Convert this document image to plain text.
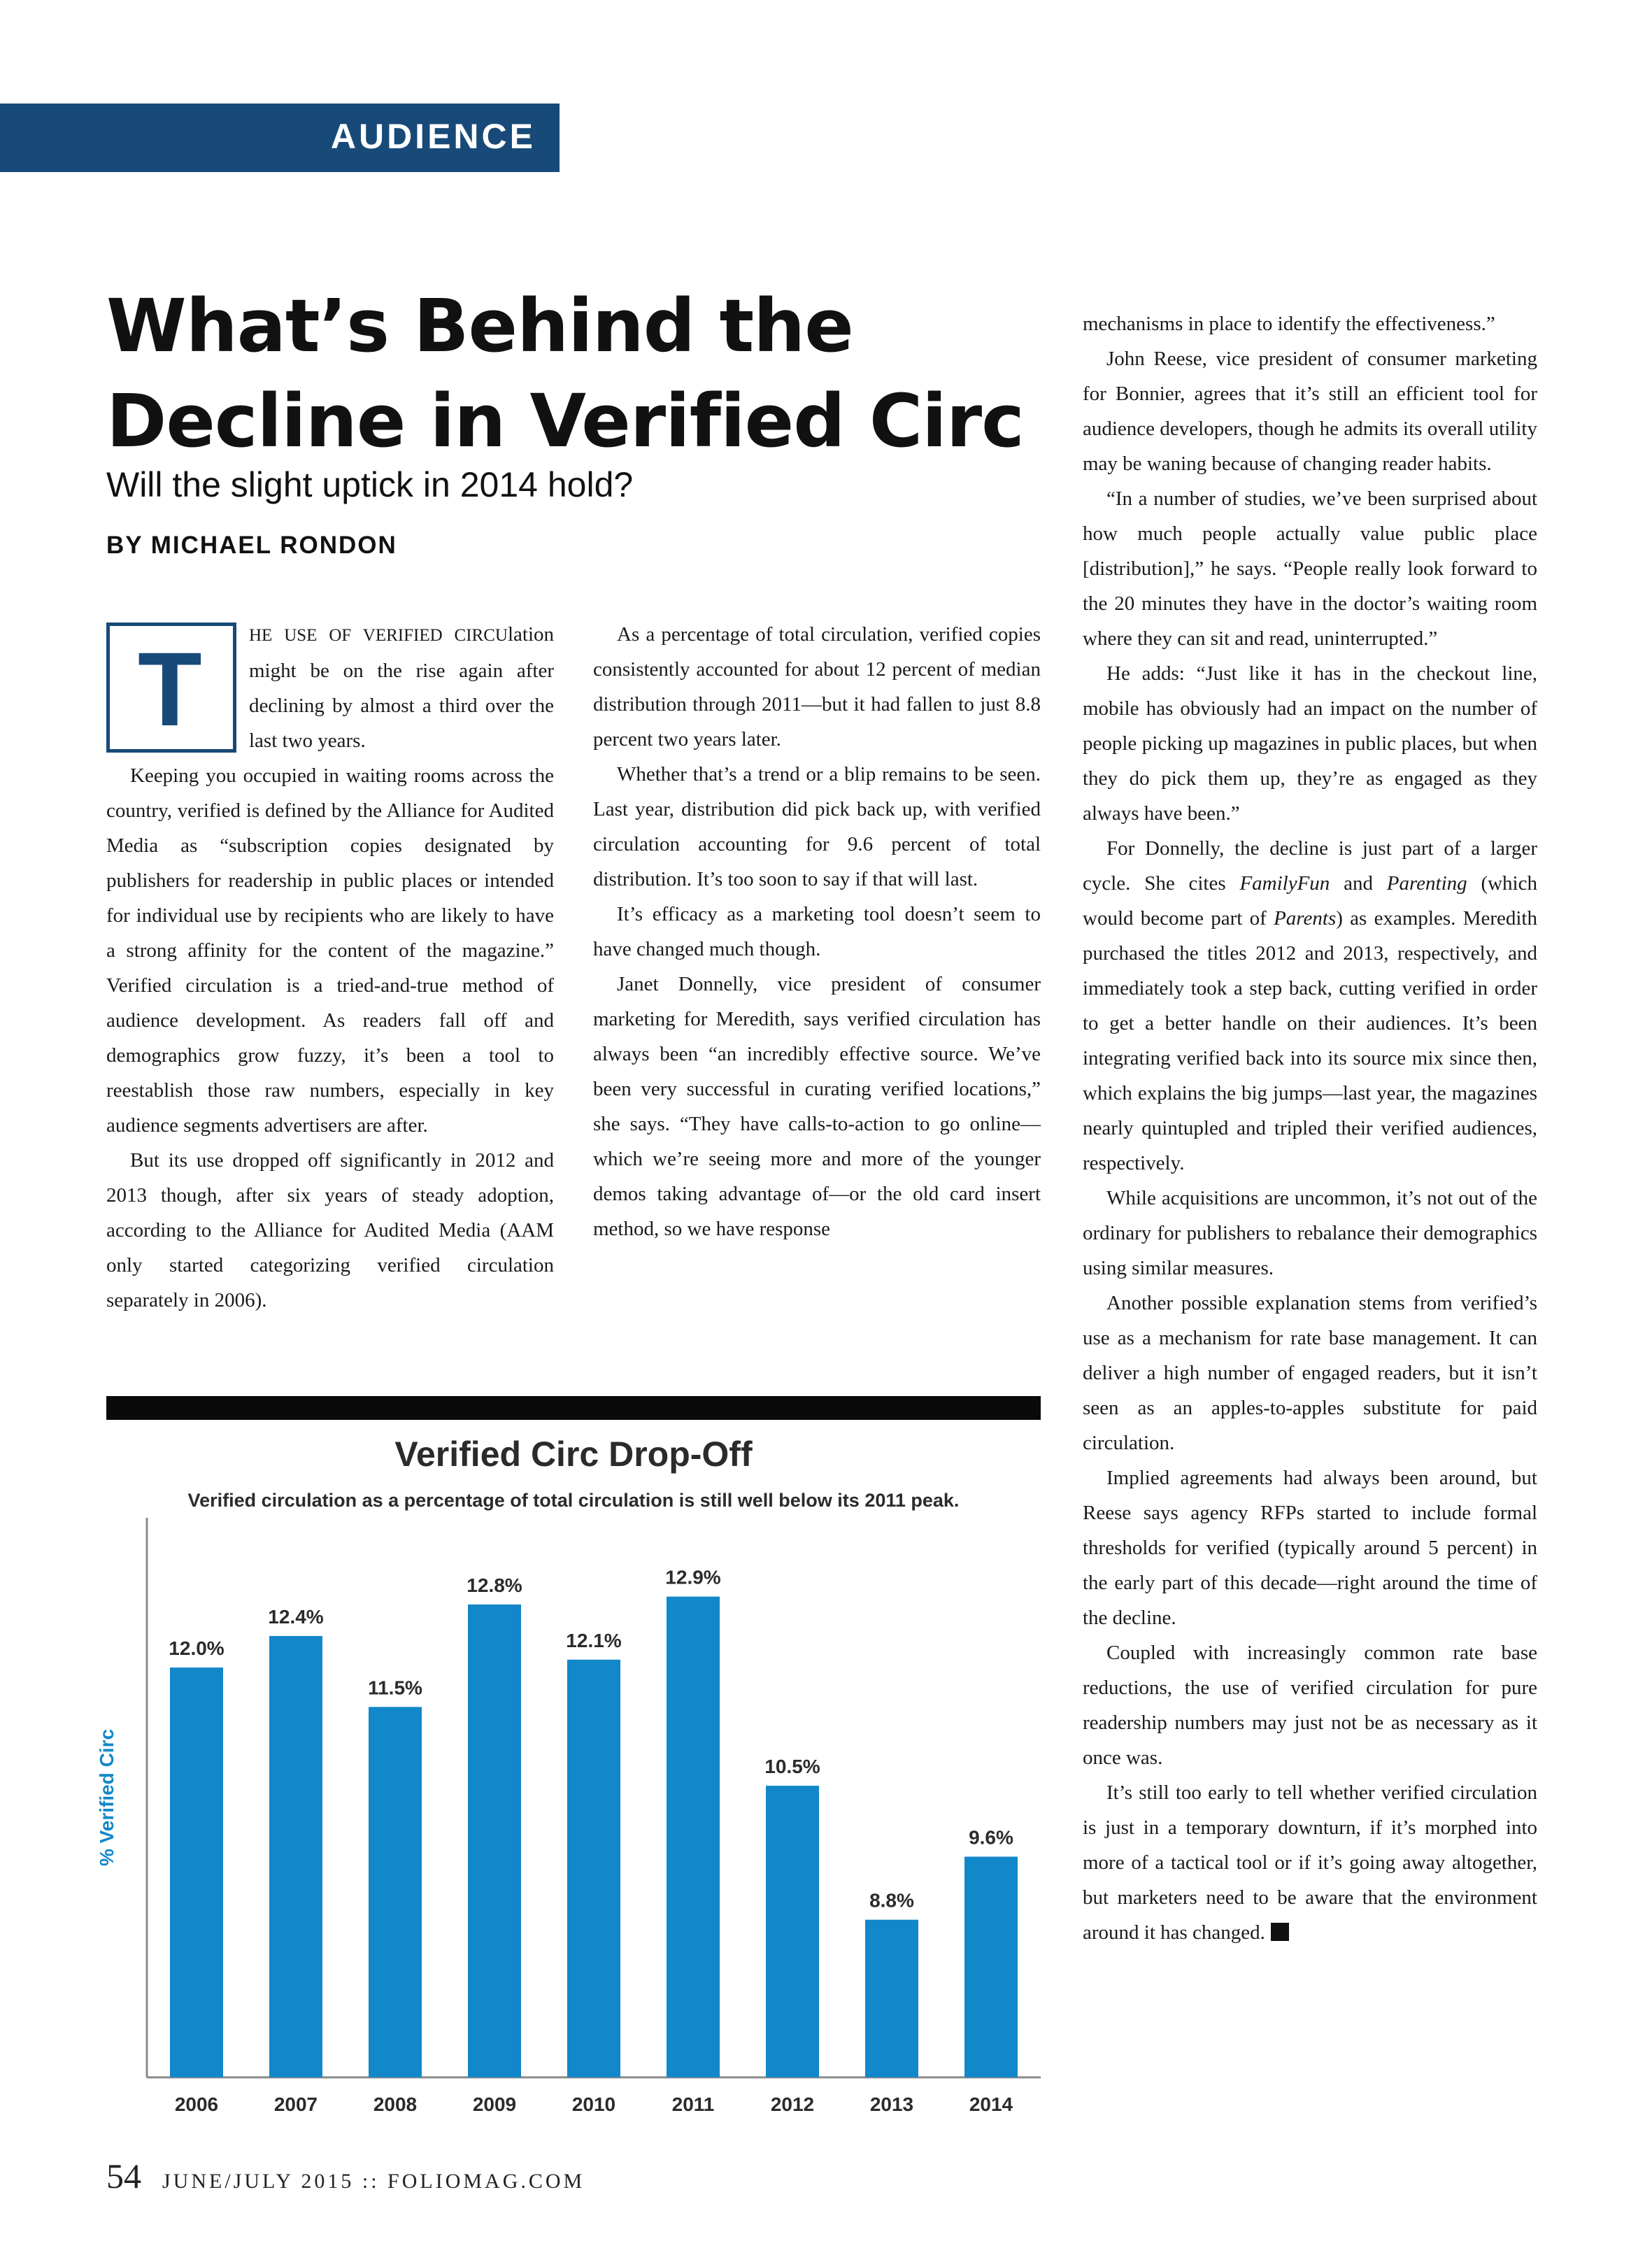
AUDIENCE
What’s Behind the
Decline in Verified Circ
Will the slight uptick in 2014 hold?
BY MICHAEL RONDON
T	HE USE OF VERIFIED CIRCUlation might be on the rise again after declining by almost a third over the last two years.

Keeping you occupied in waiting rooms across the country, verified is defined by the Alliance for Audited Media as “subscription copies designated by publishers for readership in public places or intended for individual use by recipients who are likely to have a strong affinity for the content of the magazine.” Verified circulation is a tried-and-true method of audience development. As readers fall off and demographics grow fuzzy, it’s been a tool to reestablish those raw numbers, especially in key audience segments advertisers are after.

But its use dropped off significantly in 2012 and 2013 though, after six years of steady adoption, according to the Alliance for Audited Media (AAM only started categorizing verified circulation separately in 2006).

As a percentage of total circulation, verified copies consistently accounted for about 12 percent of median distribution through 2011—but it had fallen to just 8.8 percent two years later.

Whether that’s a trend or a blip remains to be seen. Last year, distribution did pick back up, with verified circulation accounting for 9.6 percent of total distribution. It’s too soon to say if that will last.

It’s efficacy as a marketing tool doesn’t seem to have changed much though.

Janet Donnelly, vice president of consumer marketing for Meredith, says verified circulation has always been “an incredibly effective source. We’ve been very successful in curating verified locations,” she says. “They have calls-to-action to go online—which we’re seeing more and more of the younger demos taking advantage of—or the old card insert method, so we have response

mechanisms in place to identify the effectiveness.”

John Reese, vice president of consumer marketing for Bonnier, agrees that it’s still an efficient tool for audience developers, though he admits its overall utility may be waning because of changing reader habits.

“In a number of studies, we’ve been surprised about how much people actually value public place [distribution],” he says. “People really look forward to the 20 minutes they have in the doctor’s waiting room where they can sit and read, uninterrupted.”

He adds: “Just like it has in the checkout line, mobile has obviously had an impact on the number of people picking up magazines in public places, but when they do pick them up, they’re as engaged as they always have been.”

For Donnelly, the decline is just part of a larger cycle. She cites FamilyFun and Parenting (which would become part of Parents) as examples. Meredith purchased the titles 2012 and 2013, respectively, and immediately took a step back, cutting verified in order to get a better handle on their audiences. It’s been integrating verified back into its source mix since then, which explains the big jumps—last year, the magazines nearly quintupled and tripled their verified audiences, respectively.

While acquisitions are uncommon, it’s not out of the ordinary for publishers to rebalance their demographics using similar measures.

Another possible explanation stems from verified’s use as a mechanism for rate base management. It can deliver a high number of engaged readers, but it isn’t seen as an apples-to-apples substitute for paid circulation.

Implied agreements had always been around, but Reese says agency RFPs started to include formal thresholds for verified (typically around 5 percent) in the early part of this decade—right around the time of the decline.

Coupled with increasingly common rate base reductions, the use of verified circulation for pure readership numbers may just not be as necessary as it once was.

It’s still too early to tell whether verified circulation is just in a temporary downturn, if it’s morphed into more of a tactical tool or if it’s going away altogether, but marketers need to be aware that the environment around it has changed.

Verified Circ Drop-Off
Verified circulation as a percentage of total circulation is still well below its 2011 peak.
% Verified Circ
12.0%
2006
12.4%
2007
11.5%
2008
12.8%
2009
12.1%
2010
12.9%
2011
10.5%
2012
8.8%
2013
9.6%
2014
54 JUNE/JULY 2015 :: FOLIOMAG.COM
